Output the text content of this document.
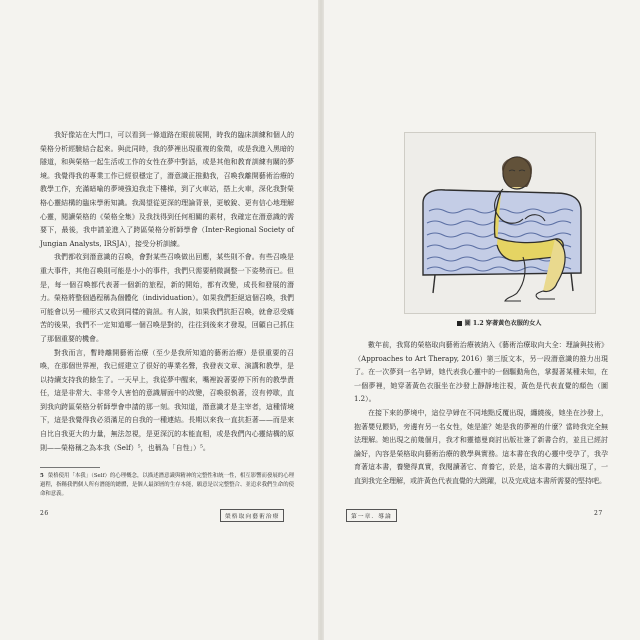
我好像站在大門口，可以看到一條道路在眼前展開，時我的臨床訓練和個人的榮格分析經驗結合起來。與此同時，我的夢裡出現重複的象徵，或是我進入黑暗的隧道，和與榮格一起生活或工作的女性在夢中對話，或是其他和教育訓練有關的夢境。我覺得我的專業工作已經很穩定了，潛意識正推動我，召喚我離開藝術治療的教學工作，充滿暗喻的夢境強迫我走下樓梯，到了火車站，搭上火車，深化我對榮格心靈結構的臨床學術知識。我渴望從更深的理論背景，更敏銳、更有信心地理解心靈，閱讀榮格的《榮格全集》及我找得到任何相關的素材，我確定在潛意識的需要下，最後，我申請並進入了跨區榮格分析師學會（Inter-Regional Society of Jungian Analysts, IRSJA），接受分析訓練。

我們都收到潛意識的召喚，會對某些召喚做出回應，某些則不會。有些召喚是重大事件，其他召喚則可能是小小的事件，我們只需要稍微調整一下姿勢而已。但是，每一個召喚都代表著一個新的旅程，新的開始，都有改變，成長和發展的潛力。榮格將整個過程稱為個體化（individuation）。如果我們拒絕這個召喚，我們可能會以另一種形式又收到同樣的資訊。有人說，如果我們抗拒召喚，就會忍受痛苦的後果，我們不一定知道哪一個召喚是對的，往往到後來才發現，回顧自己抓住了那個重要的機會。

對我而言，暫時離開藝術治療（至少是我所知道的藝術治療）是很重要的召喚，在那個世界裡，我已經建立了很好的專業名聲，我發表文章、演講和教學，是以持續支持我的餘生了。一天早上，我從夢中醒來，嘴裡說著要停下所有的教學責任，這是非常大、非常令人害怕的意識層面中的改變，召喚很執著，沒有停歇，直到我向跨區榮格分析師學會申請的那一刻。我知道，潛意識才是主宰者，這種情境下，這是我覺得我必須滿足的自我的一種連結。長期以來我一直抗拒著——而是來自比自我更大的力量，無法忽視，是更深沉的本能直相，或是我們內心靈結構的原則——榮格稱之為本我（Self）⁵，也稱為「自性」）⁵。

5 榮格使用「本我」（Self）的心理概念，以描述潛意識與精神的完整性和統一性，相互影響而發展的心理過程，指稱我們個人所有潛能的總體，是個人最深層的生存本能，願意是以完整整合、並追求我們生命的使命和意義。
26	榮格取向藝術治療
圖 1.2 穿著黃色衣服的女人

數年前，我寫的榮格取向藝術治療被納入《藝術治療取向大全：理論與技術》（Approaches to Art Therapy, 2016）第三版文本，另一段潛意識的推力出現了。在一次夢到一名孕婦，她代表我心靈中的一個驅動角色，掌握著某種未知，在一個夢裡，她穿著黃色衣服坐在沙發上靜靜地注視，黃色是代表直覺的顏色（圖 1.2）。

在接下來的夢境中，這位孕婦在不同地點反覆出現，纏繞後，她坐在沙發上，抱著嬰兒餵奶，旁邊有另一名女性，她是誰？她是我的夢裡的什麼？當時我完全無法理解。她出現之前幾個月，我才和靈德曼商討出版社簽了新書合約，並且已經討論好，內容是榮格取向藝術治療的教學與實務。這本書在我的心靈中受孕了，我孕育著這本書，養變得真實，我閱讀著它、育養它，於是，這本書的大綱出現了，一直到我完全理解，或許黃色代表直覺的大跳躍，以及完成這本書所需要的堅持吧。

第一章．導論	27
